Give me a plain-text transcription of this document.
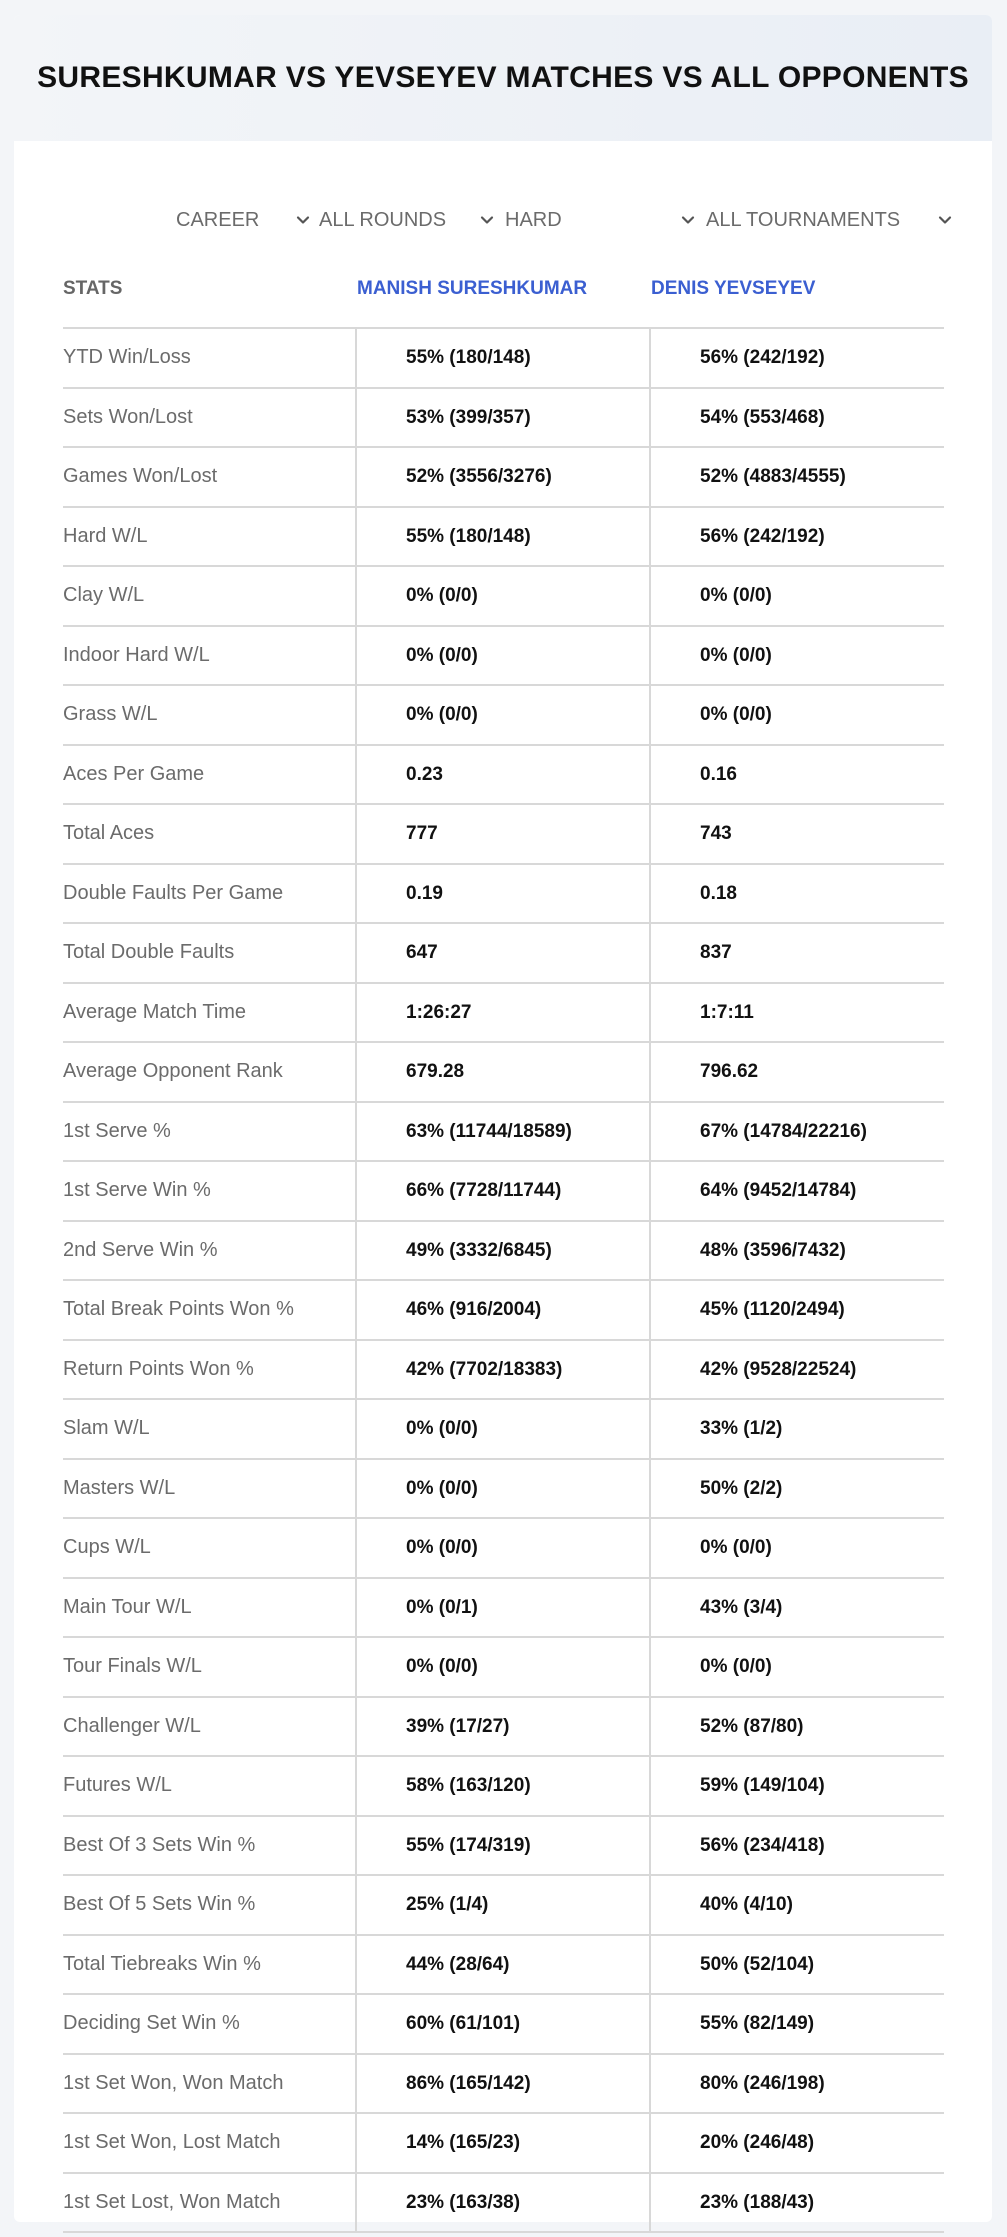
SURESHKUMAR VS YEVSEYEV MATCHES VS ALL OPPONENTS
CAREER	ALL ROUNDS	HARD	ALL TOURNAMENTS
STATS	MANISH SURESHKUMAR	DENIS YEVSEYEV
YTD Win/Loss	55% (180/148)	56% (242/192)
Sets Won/Lost	53% (399/357)	54% (553/468)
Games Won/Lost	52% (3556/3276)	52% (4883/4555)
Hard W/L	55% (180/148)	56% (242/192)
Clay W/L	0% (0/0)	0% (0/0)
Indoor Hard W/L	0% (0/0)	0% (0/0)
Grass W/L	0% (0/0)	0% (0/0)
Aces Per Game	0.23	0.16
Total Aces	777	743
Double Faults Per Game	0.19	0.18
Total Double Faults	647	837
Average Match Time	1:26:27	1:7:11
Average Opponent Rank	679.28	796.62
1st Serve %	63% (11744/18589)	67% (14784/22216)
1st Serve Win %	66% (7728/11744)	64% (9452/14784)
2nd Serve Win %	49% (3332/6845)	48% (3596/7432)
Total Break Points Won %	46% (916/2004)	45% (1120/2494)
Return Points Won %	42% (7702/18383)	42% (9528/22524)
Slam W/L	0% (0/0)	33% (1/2)
Masters W/L	0% (0/0)	50% (2/2)
Cups W/L	0% (0/0)	0% (0/0)
Main Tour W/L	0% (0/1)	43% (3/4)
Tour Finals W/L	0% (0/0)	0% (0/0)
Challenger W/L	39% (17/27)	52% (87/80)
Futures W/L	58% (163/120)	59% (149/104)
Best Of 3 Sets Win %	55% (174/319)	56% (234/418)
Best Of 5 Sets Win %	25% (1/4)	40% (4/10)
Total Tiebreaks Win %	44% (28/64)	50% (52/104)
Deciding Set Win %	60% (61/101)	55% (82/149)
1st Set Won, Won Match	86% (165/142)	80% (246/198)
1st Set Won, Lost Match	14% (165/23)	20% (246/48)
1st Set Lost, Won Match	23% (163/38)	23% (188/43)
